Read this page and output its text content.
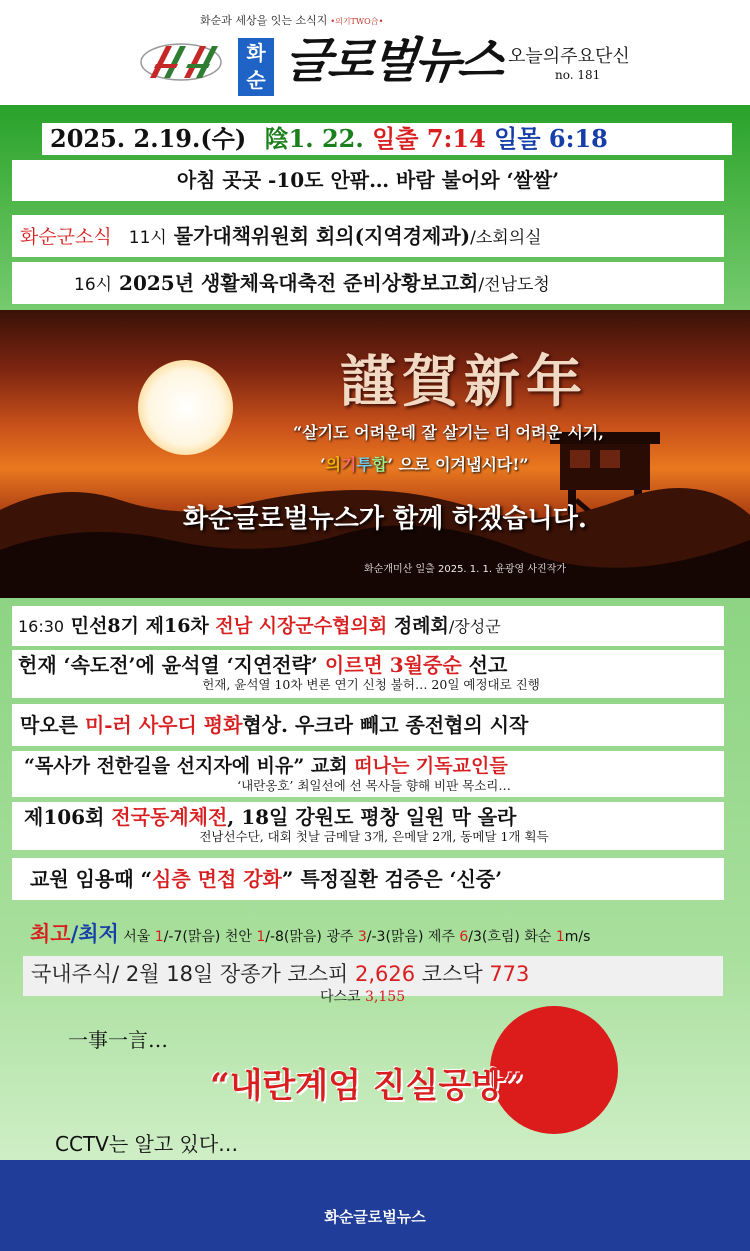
화순과 세상을 잇는 소식지 •의기TWO合•
화
순 글로벌뉴스 오늘의주요단신
no. 181
2025. 2.19.(수) 陰1. 22. 일출 7:14 일몰 6:18
아침 곳곳 -10도 안팎… 바람 불어와 ‘쌀쌀’
화순군소식 11시 물가대책위원회 회의(지역경제과)/소회의실
16시 2025년 생활체육대축전 준비상황보고회/전남도청
謹賀新年
“살기도 어려운데 잘 살기는 더 어려운 시기,
‘의기투합’ 으로 이겨냅시다!”
화순글로벌뉴스가 함께 하겠습니다.
화순개미산 일출 2025. 1. 1. 윤광영 사진작가
16:30 민선8기 제16차 전남 시장군수협의회 정례회/장성군
헌재 ‘속도전’에 윤석열 ‘지연전략’ 이르면 3월중순 선고
헌재, 윤석열 10차 변론 연기 신청 불허… 20일 예정대로 진행
막오른 미-러 사우디 평화협상. 우크라 빼고 종전협의 시작
“목사가 전한길을 선지자에 비유” 교회 떠나는 기독교인들
‘내란옹호’ 최일선에 선 목사들 향해 비판 목소리…
제106회 전국동계체전, 18일 강원도 평창 일원 막 올라
전남선수단, 대회 첫날 금메달 3개, 은메달 2개, 동메달 1개 획득
교원 임용때 “심층 면접 강화” 특정질환 검증은 ‘신중’
최고/최저 서울 1/-7(맑음) 천안 1/-8(맑음) 광주 3/-3(맑음) 제주 6/3(흐림) 화순 1m/s
국내주식/ 2월 18일 장종가 코스피 2,626 코스닥 773
다스코 3,155
一事一言…
“내란계엄 진실공방”
CCTV는 알고 있다…
화순글로벌뉴스
